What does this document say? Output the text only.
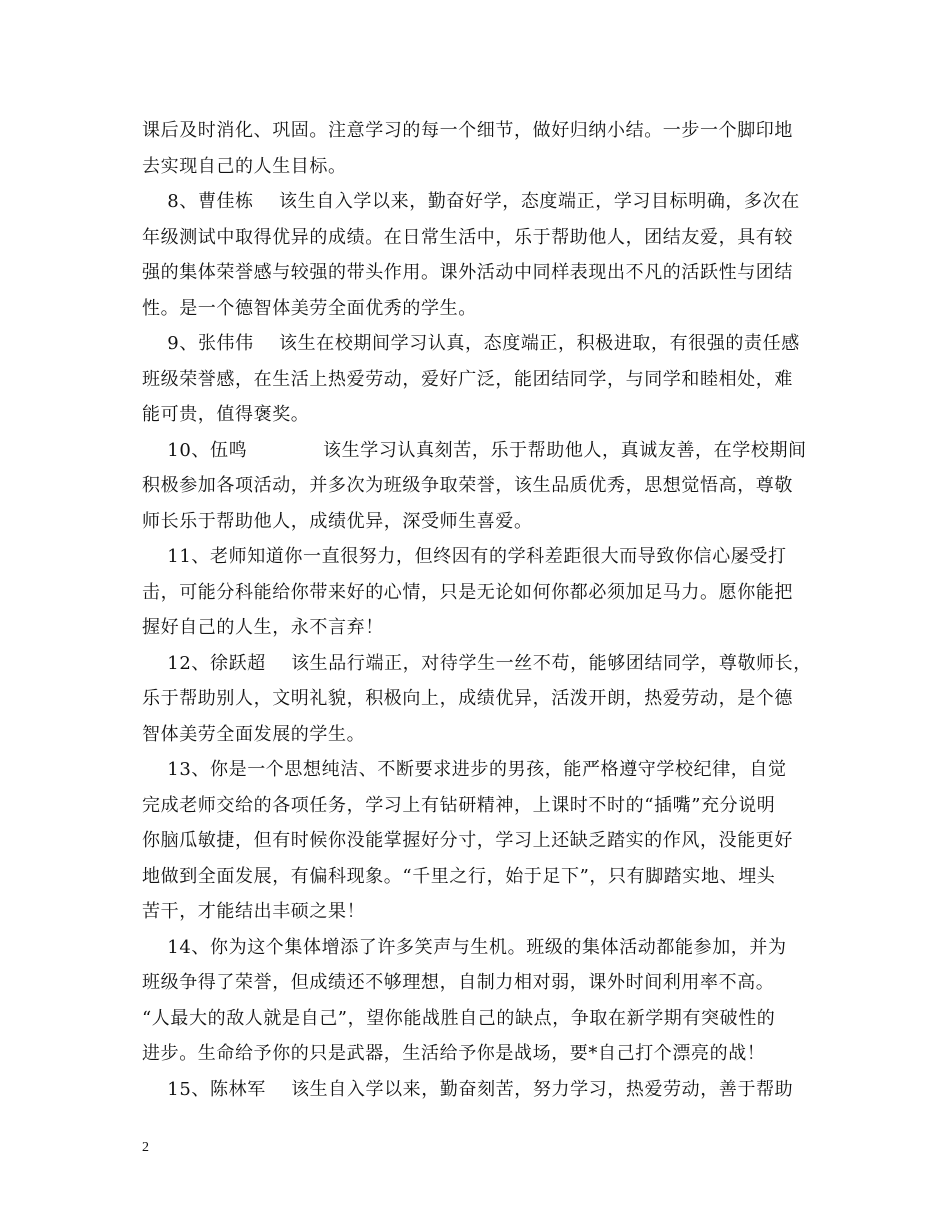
课后及时消化、巩固。注意学习的每一个细节，做好归纳小结。一步一个脚印地
去实现自己的人生目标。
8、曹佳栋    该生自入学以来，勤奋好学，态度端正，学习目标明确，多次在
年级测试中取得优异的成绩。在日常生活中，乐于帮助他人，团结友爱，具有较
强的集体荣誉感与较强的带头作用。课外活动中同样表现出不凡的活跃性与团结
性。是一个德智体美劳全面优秀的学生。
9、张伟伟    该生在校期间学习认真，态度端正，积极进取，有很强的责任感
班级荣誉感，在生活上热爱劳动，爱好广泛，能团结同学，与同学和睦相处，难
能可贵，值得褒奖。
10、伍鸣            该生学习认真刻苦，乐于帮助他人，真诚友善，在学校期间
积极参加各项活动，并多次为班级争取荣誉，该生品质优秀，思想觉悟高，尊敬
师长乐于帮助他人，成绩优异，深受师生喜爱。
11、老师知道你一直很努力，但终因有的学科差距很大而导致你信心屡受打
击，可能分科能给你带来好的心情，只是无论如何你都必须加足马力。愿你能把
握好自己的人生，永不言弃！
12、徐跃超    该生品行端正，对待学生一丝不苟，能够团结同学，尊敬师长，
乐于帮助别人，文明礼貌，积极向上，成绩优异，活泼开朗，热爱劳动，是个德
智体美劳全面发展的学生。
13、你是一个思想纯洁、不断要求进步的男孩，能严格遵守学校纪律，自觉
完成老师交给的各项任务，学习上有钻研精神，上课时不时的“插嘴”充分说明
你脑瓜敏捷，但有时候你没能掌握好分寸，学习上还缺乏踏实的作风，没能更好
地做到全面发展，有偏科现象。“千里之行，始于足下”，只有脚踏实地、埋头
苦干，才能结出丰硕之果！
14、你为这个集体增添了许多笑声与生机。班级的集体活动都能参加，并为
班级争得了荣誉，但成绩还不够理想，自制力相对弱，课外时间利用率不高。
“人最大的敌人就是自己”，望你能战胜自己的缺点，争取在新学期有突破性的
进步。生命给予你的只是武器，生活给予你是战场，要*自己打个漂亮的战！
15、陈林军    该生自入学以来，勤奋刻苦，努力学习，热爱劳动，善于帮助
2
